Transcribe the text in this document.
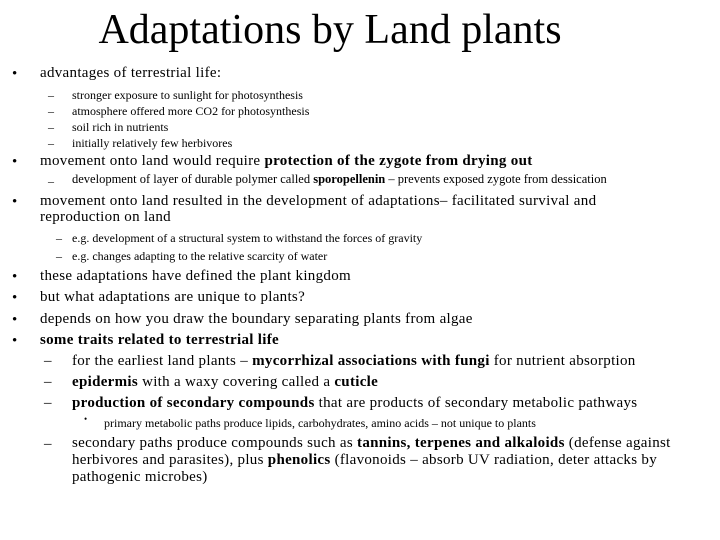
Adaptations by Land plants
• advantages of terrestrial life:
– stronger exposure to sunlight for photosynthesis
– atmosphere offered more CO2 for photosynthesis
– soil rich in nutrients
– initially relatively few herbivores
• movement onto land would require protection of the zygote from drying out
– development of layer of durable polymer called sporopellenin – prevents exposed zygote from dessication
• movement onto land resulted in the development of adaptations– facilitated survival and
reproduction on land
– e.g. development of a structural system to withstand the forces of gravity
– e.g. changes adapting to the relative scarcity of water
• these adaptations have defined the plant kingdom
• but what adaptations are unique to plants?
• depends on how you draw the boundary separating plants from algae
• some traits related to terrestrial life
– for the earliest land plants – mycorrhizal associations with fungi for nutrient absorption
– epidermis with a waxy covering called a cuticle
– production of secondary compounds that are products of secondary metabolic pathways
• primary metabolic paths produce lipids, carbohydrates, amino acids – not unique to plants
– secondary paths produce compounds such as tannins, terpenes and alkaloids (defense against
herbivores and parasites), plus phenolics (flavonoids – absorb UV radiation, deter attacks by
pathogenic microbes)
